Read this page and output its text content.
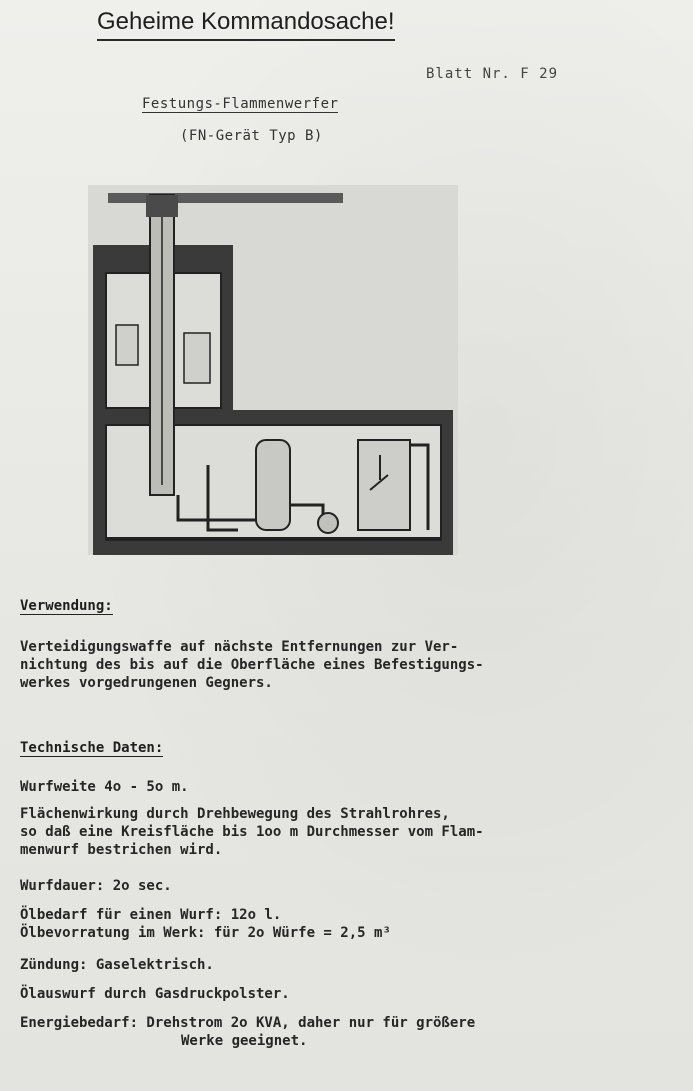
Geheime Kommandosache!
Blatt Nr. F 29
Festungs-Flammenwerfer
(FN-Gerät Typ B)
Verwendung:
Verteidigungswaffe auf nächste Entfernungen zur Ver-
nichtung des bis auf die Oberfläche eines Befestigungs-
werkes vorgedrungenen Gegners.
Technische Daten:
Wurfweite 4o - 5o m.
Flächenwirkung durch Drehbewegung des Strahlrohres,
so daß eine Kreisfläche bis 1oo m Durchmesser vom Flam-
menwurf bestrichen wird.
Wurfdauer: 2o sec.
Ölbedarf für einen Wurf: 12o l.
Ölbevorratung im Werk: für 2o Würfe = 2,5 m³
Zündung: Gaselektrisch.
Ölauswurf durch Gasdruckpolster.
Energiebedarf: Drehstrom 2o KVA, daher nur für größere
Werke geeignet.
